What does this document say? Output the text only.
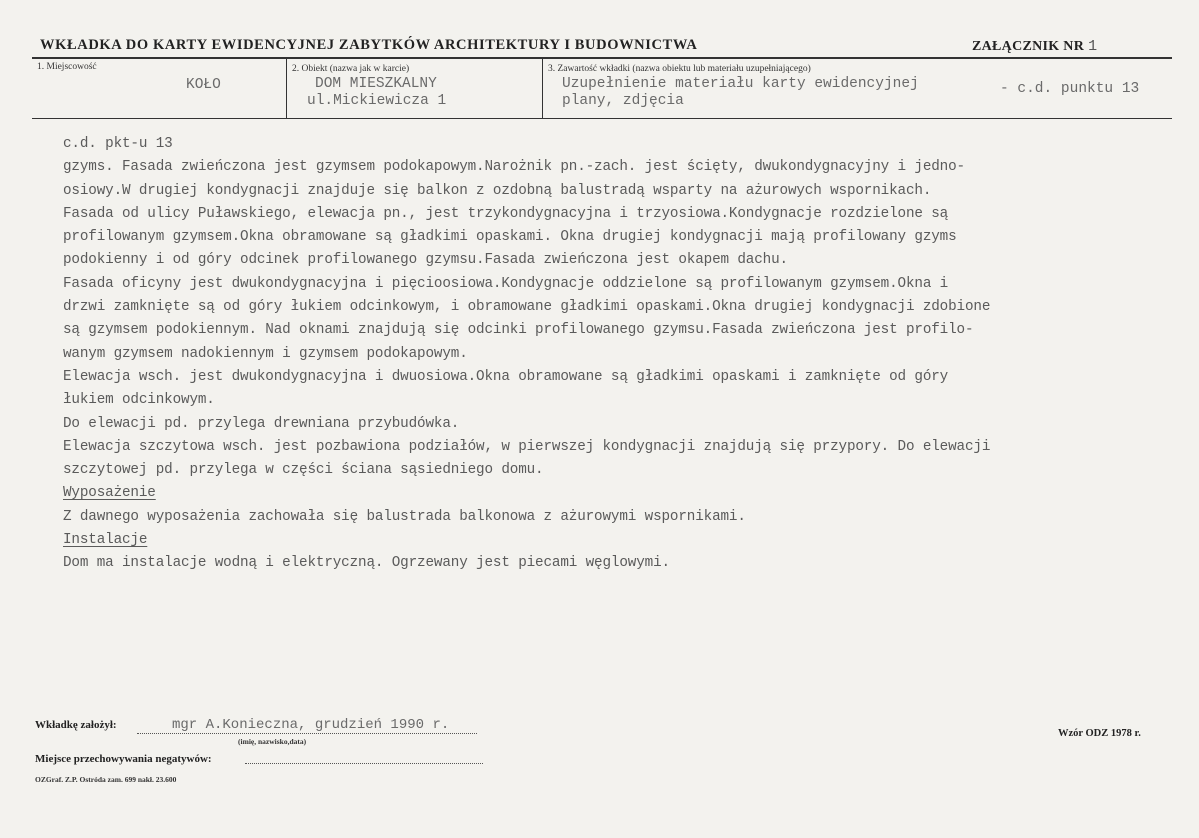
WKŁADKA DO KARTY EWIDENCYJNEJ ZABYTKÓW ARCHITEKTURY I BUDOWNICTWA	ZAŁĄCZNIK NR 1
1. Miejscowość
KOŁO
2. Obiekt (nazwa jak w karcie)
DOM MIESZKALNY
ul.Mickiewicza 1
3. Zawartość wkładki (nazwa obiektu lub materiału uzupełniającego)
Uzupełnienie materiału karty ewidencyjnej
plany, zdjęcia
- c.d. punktu 13
c.d. pkt-u 13
gzyms. Fasada zwieńczona jest gzymsem podokapowym.Narożnik pn.-zach. jest ścięty, dwukondygnacyjny i jedno-
osiowy.W drugiej kondygnacji znajduje się balkon z ozdobną balustradą wsparty na ażurowych wspornikach.
Fasada od ulicy Puławskiego, elewacja pn., jest trzykondygnacyjna i trzyosiowa.Kondygnacje rozdzielone są
profilowanym gzymsem.Okna obramowane są gładkimi opaskami. Okna drugiej kondygnacji mają profilowany gzyms
podokienny i od góry odcinek profilowanego gzymsu.Fasada zwieńczona jest okapem dachu.
Fasada oficyny jest dwukondygnacyjna i pięcioosiowa.Kondygnacje oddzielone są profilowanym gzymsem.Okna i
drzwi zamknięte są od góry łukiem odcinkowym, i obramowane gładkimi opaskami.Okna drugiej kondygnacji zdobione
są gzymsem podokiennym. Nad oknami znajdują się odcinki profilowanego gzymsu.Fasada zwieńczona jest profilo-
wanym gzymsem nadokiennym i gzymsem podokapowym.
Elewacja wsch. jest dwukondygnacyjna i dwuosiowa.Okna obramowane są gładkimi opaskami i zamknięte od góry
łukiem odcinkowym.
Do elewacji pd. przylega drewniana przybudówka.
Elewacja szczytowa wsch. jest pozbawiona podziałów, w pierwszej kondygnacji znajdują się przypory. Do elewacji
szczytowej pd. przylega w części ściana sąsiedniego domu.
Wyposażenie
Z dawnego wyposażenia zachowała się balustrada balkonowa z ażurowymi wspornikami.
Instalacje
Dom ma instalacje wodną i elektryczną. Ogrzewany jest piecami węglowymi.
Wkładkę założył:	mgr A.Konieczna, grudzień 1990 r.
(imię, nazwisko,data)
Wzór ODZ 1978 r.
Miejsce przechowywania negatywów:
OZGraf. Z.P. Ostróda zam. 699 nakł. 23.600
